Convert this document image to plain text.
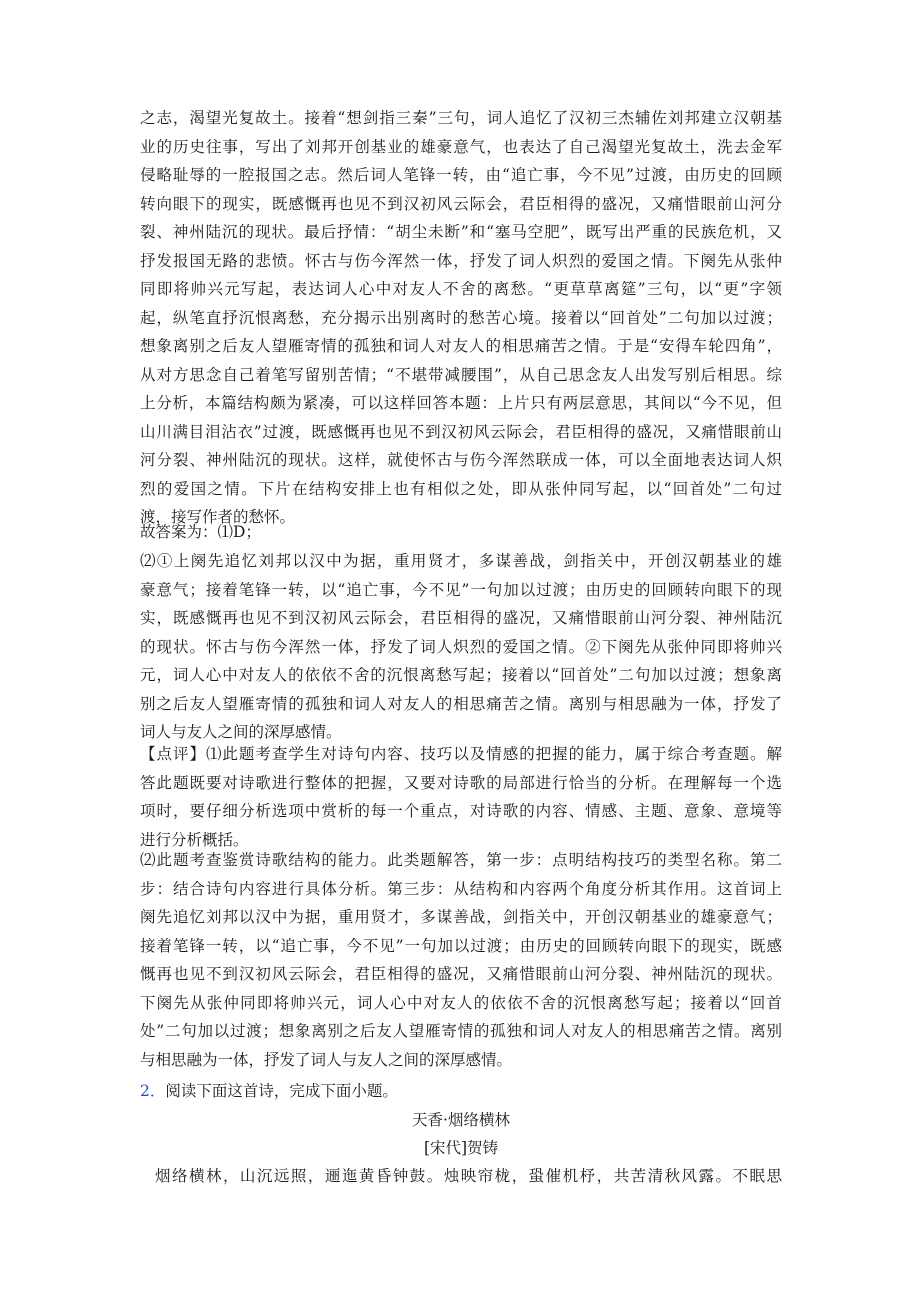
之志，渴望光复故土。接着“想剑指三秦”三句，词人追忆了汉初三杰辅佐刘邦建立汉朝基
业的历史往事，写出了刘邦开创基业的雄豪意气，也表达了自己渴望光复故土，洗去金军
侵略耻辱的一腔报国之志。然后词人笔锋一转，由“追亡事，今不见”过渡，由历史的回顾
转向眼下的现实，既感慨再也见不到汉初风云际会，君臣相得的盛况，又痛惜眼前山河分
裂、神州陆沉的现状。最后抒情：“胡尘未断”和“塞马空肥”，既写出严重的民族危机，又
抒发报国无路的悲愤。怀古与伤今浑然一体，抒发了词人炽烈的爱国之情。下阕先从张仲
同即将帅兴元写起，表达词人心中对友人不舍的离愁。“更草草离筵”三句，以“更”字领
起，纵笔直抒沉恨离愁，充分揭示出别离时的愁苦心境。接着以“回首处”二句加以过渡；
想象离别之后友人望雁寄情的孤独和词人对友人的相思痛苦之情。于是“安得车轮四角”，
从对方思念自己着笔写留别苦情；“不堪带减腰围”，从自己思念友人出发写别后相思。综
上分析，本篇结构颇为紧凑，可以这样回答本题：上片只有两层意思，其间以“今不见，但
山川满目泪沾衣”过渡，既感慨再也见不到汉初风云际会，君臣相得的盛况，又痛惜眼前山
河分裂、神州陆沉的现状。这样，就使怀古与伤今浑然联成一体，可以全面地表达词人炽
烈的爱国之情。下片在结构安排上也有相似之处，即从张仲同写起，以“回首处”二句过
渡，接写作者的愁怀。
故答案为：⑴D；
⑵①上阕先追忆刘邦以汉中为据，重用贤才，多谋善战，剑指关中，开创汉朝基业的雄
豪意气；接着笔锋一转，以“追亡事，今不见”一句加以过渡；由历史的回顾转向眼下的现
实，既感慨再也见不到汉初风云际会，君臣相得的盛况，又痛惜眼前山河分裂、神州陆沉
的现状。怀古与伤今浑然一体，抒发了词人炽烈的爱国之情。②下阕先从张仲同即将帅兴
元，词人心中对友人的依依不舍的沉恨离愁写起；接着以“回首处”二句加以过渡；想象离
别之后友人望雁寄情的孤独和词人对友人的相思痛苦之情。离别与相思融为一体，抒发了
词人与友人之间的深厚感情。
【点评】⑴此题考查学生对诗句内容、技巧以及情感的把握的能力，属于综合考查题。解
答此题既要对诗歌进行整体的把握，又要对诗歌的局部进行恰当的分析。在理解每一个选
项时，要仔细分析选项中赏析的每一个重点，对诗歌的内容、情感、主题、意象、意境等
进行分析概括。
⑵此题考查鉴赏诗歌结构的能力。此类题解答，第一步：点明结构技巧的类型名称。第二
步：结合诗句内容进行具体分析。第三步：从结构和内容两个角度分析其作用。这首词上
阕先追忆刘邦以汉中为据，重用贤才，多谋善战，剑指关中，开创汉朝基业的雄豪意气；
接着笔锋一转，以“追亡事，今不见”一句加以过渡；由历史的回顾转向眼下的现实，既感
慨再也见不到汉初风云际会，君臣相得的盛况，又痛惜眼前山河分裂、神州陆沉的现状。
下阕先从张仲同即将帅兴元，词人心中对友人的依依不舍的沉恨离愁写起；接着以“回首
处”二句加以过渡；想象离别之后友人望雁寄情的孤独和词人对友人的相思痛苦之情。离别
与相思融为一体，抒发了词人与友人之间的深厚感情。
2．阅读下面这首诗，完成下面小题。
天香·烟络横林
[宋代]贺铸
烟络横林，山沉远照，逦迤黄昏钟鼓。烛映帘栊，蛩催机杼，共苦清秋风露。不眠思
